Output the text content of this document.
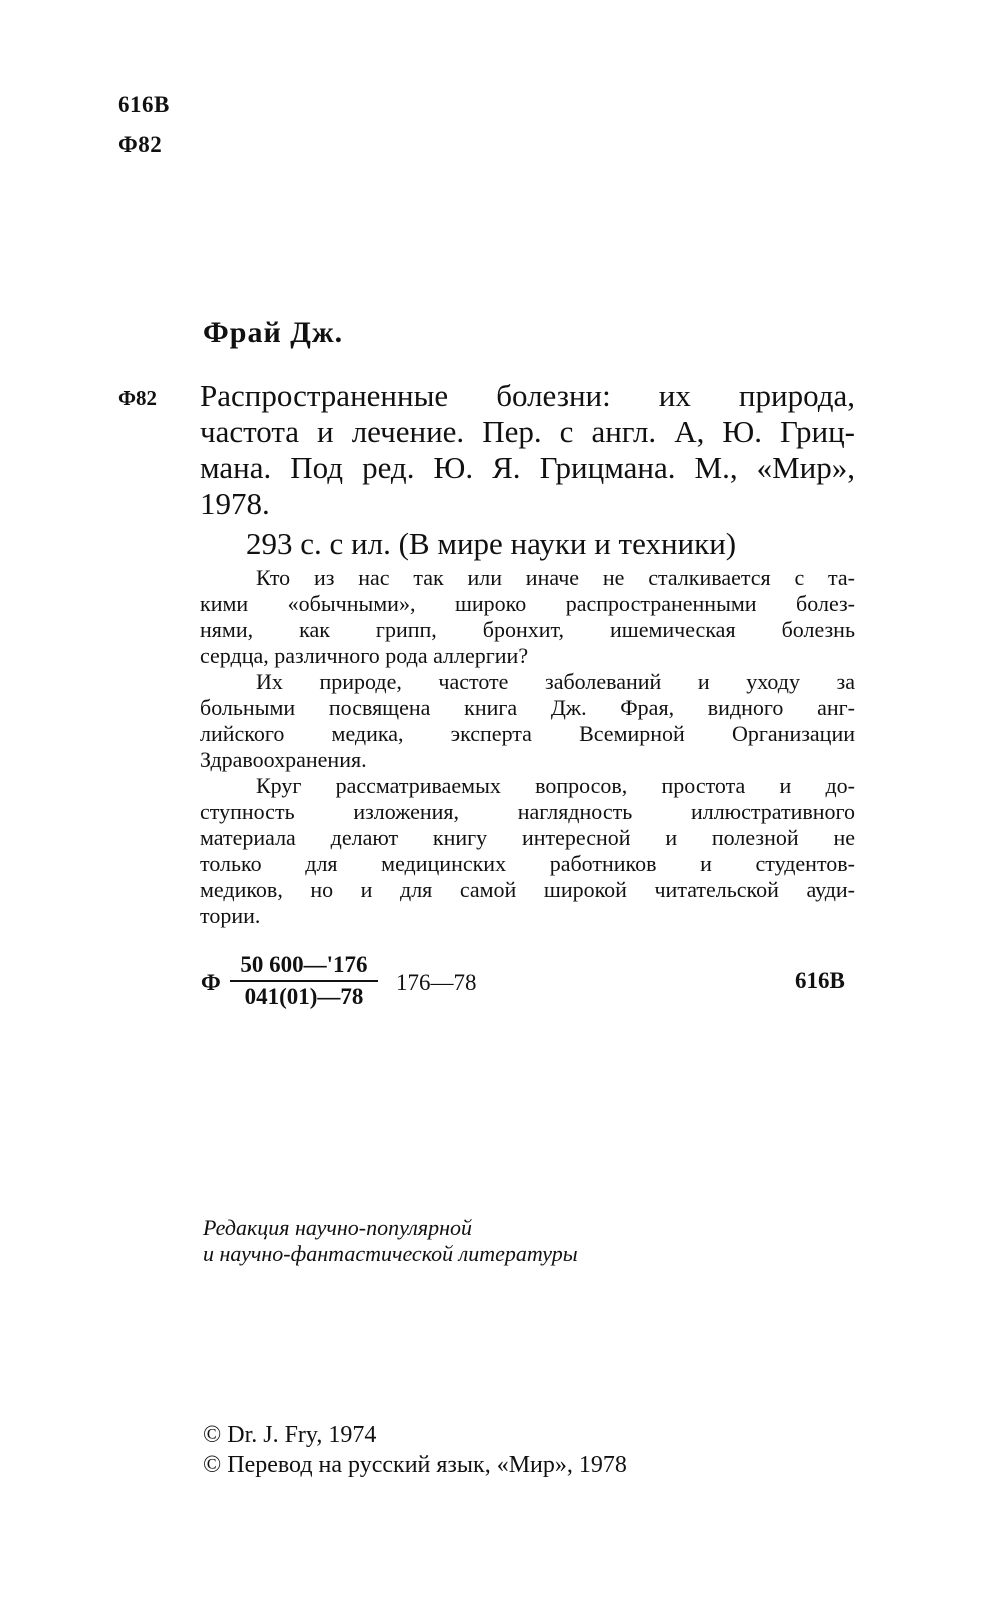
616В
Ф82
Фрай Дж.
Ф82 Распространенные болезни: их природа,
частота и лечение. Пер. с англ. А, Ю. Гриц-
мана. Под ред. Ю. Я. Грицмана. М., «Мир»,
1978.
293 с. с ил. (В мире науки и техники)
Кто из нас так или иначе не сталкивается с та-
кими «обычными», широко распространенными болез-
нями, как грипп, бронхит, ишемическая болезнь
сердца, различного рода аллергии?
Их природе, частоте заболеваний и уходу за
больными посвящена книга Дж. Фрая, видного анг-
лийского медика, эксперта Всемирной Организации
Здравоохранения.
Круг рассматриваемых вопросов, простота и до-
ступность изложения, наглядность иллюстративного
материала делают книгу интересной и полезной не
только для медицинских работников и студентов-
медиков, но и для самой широкой читательской ауди-
тории.
Ф
50 600—'176
041(01)—78
176—78	616В
Редакция научно-популярной
и научно-фантастической литературы
© Dr. J. Fry, 1974
© Перевод на русский язык, «Мир», 1978
